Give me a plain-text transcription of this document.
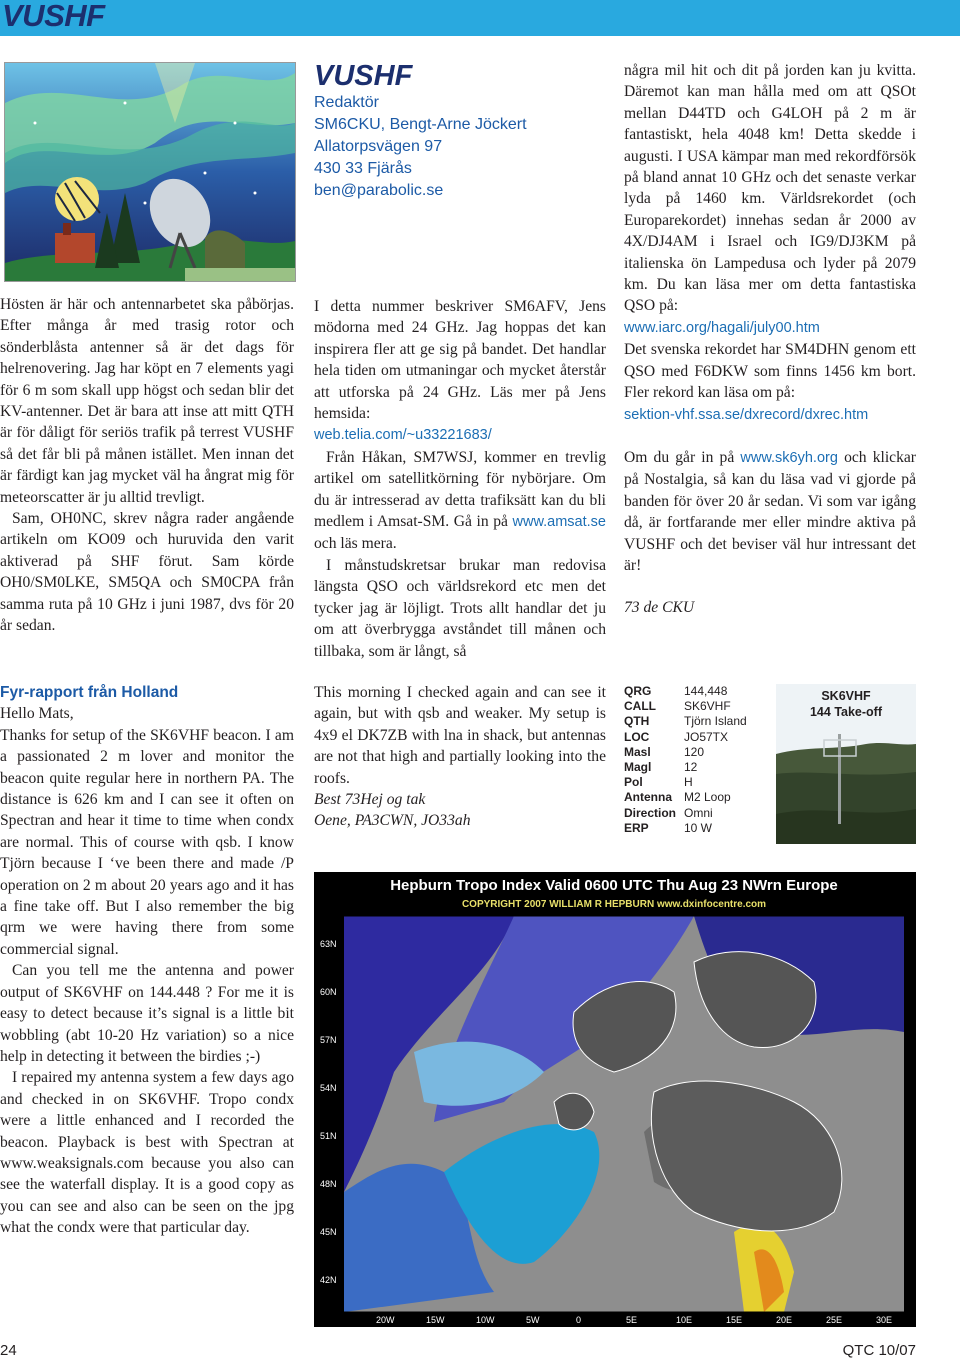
VUSHF

Hösten är här och antennarbetet ska påbörjas. Efter många år med trasig rotor och sönderblåsta antenner så är det dags för helrenovering. Jag har köpt en 7 elements yagi för 6 m som skall upp högst och sedan blir det KV-antenner. Det är bara att inse att mitt QTH är för dåligt för seriös trafik på terrest VUSHF så det får bli på månen istället. Men innan det är färdigt kan jag mycket väl ha ångrat mig för meteorscatter är ju alltid trevligt.

Sam, OH0NC, skrev några rader angående artikeln om KO09 och huruvida den varit aktiverad på SHF förut. Sam körde OH0/SM0LKE, SM5QA och SM0CPA från samma ruta på 10 GHz i juni 1987, dvs för 20 år sedan.

Fyr-rapport från Holland

Hello Mats,

Thanks for setup of the SK6VHF beacon. I am a passionated 2 m lover and monitor the beacon quite regular here in northern PA. The distance is 626 km and I can see it often on Spectran and hear it time to time when condx are normal. This of course with qsb. I know Tjörn because I ‘ve been there and made /P operation on 2 m about 20 years ago and it has a fine take off. But I also remember the big qrm we were having there from some commercial signal.

Can you tell me the antenna and power output of SK6VHF on 144.448 ? For me it is easy to detect because it’s signal is a little bit wobbling (abt 10-20 Hz variation) so a nice help in detecting it between the birdies ;-)

I repaired my antenna system a few days ago and checked in on SK6VHF. Tropo condx were a little enhanced and I recorded the beacon. Playback is best with Spectran at www.weaksignals.com because you also can see the waterfall display. It is a good copy as you can see and also can be seen on the jpg what the condx were that particular day.

VUSHF
Redaktör
SM6CKU, Bengt-Arne Jöckert
Allatorpsvägen 97
430 33 Fjärås
ben@parabolic.se

I detta nummer beskriver SM6AFV, Jens mödorna med 24 GHz. Jag hoppas det kan inspirera fler att ge sig på bandet. Det handlar hela tiden om utmaningar och mycket återstår att utforska på 24 GHz. Läs mer på Jens hemsida:

web.telia.com/~u33221683/

Från Håkan, SM7WSJ, kommer en trevlig artikel om satellitkörning för nybörjare. Om du är intresserad av detta trafiksätt kan du bli medlem i Amsat-SM. Gå in på www.amsat.se och läs mera.

I månstudskretsar brukar man redovisa längsta QSO och världsrekord etc men det tycker jag är löjligt. Trots allt handlar det ju om att överbrygga avståndet till månen och tillbaka, som är långt, så

This morning I checked again and can see it again, but with qsb and weaker. My setup is 4x9 el DK7ZB with lna in shack, but antennas are not that high and partially looking into the roofs.

Best 73Hej og tak

Oene, PA3CWN, JO33ah

några mil hit och dit på jorden kan ju kvitta. Däremot kan man hålla med om att QSOt mellan D44TD och G4LOH på 2 m är fantastiskt, hela 4048 km! Detta skedde i augusti. I USA kämpar man med rekordförsök på bland annat 10 GHz och det senaste verkar lyda på 1460 km. Världsrekordet (och Europarekordet) innehas sedan år 2000 av 4X/DJ4AM i Israel och IG9/DJ3KM på italienska ön Lampedusa och lyder på 2079 km. Du kan läsa mer om detta fantastiska QSO på:

www.iarc.org/hagali/july00.htm

Det svenska rekordet har SM4DHN genom ett QSO med F6DKW som finns 1456 km bort. Fler rekord kan läsa om på:

sektion-vhf.ssa.se/dxrecord/dxrec.htm

Om du går in på www.sk6yh.org och klickar på Nostalgia, så kan du läsa vad vi gjorde på banden för över 20 år sedan. Vi som var igång då, är fortfarande mer eller mindre aktiva på VUSHF och det beviser väl hur intressant det är!

73 de CKU

QRG	144,448
CALL	SK6VHF
QTH	Tjörn Island
LOC	JO57TX
Masl	120
Magl	12
Pol	H
Antenna	M2 Loop
Direction Omni
ERP	10 W
SK6VHF
144 Take-off
Hepburn Tropo Index Valid 0600 UTC Thu Aug 23 NWrn Europe
COPYRIGHT 2007 WILLIAM R HEPBURN www.dxinfocentre.com
63N
60N
57N
54N
51N
48N
45N
42N
20W	15W	10W	5W	0	5E	10E	15E	20E	25E	30E
24	QTC 10/07
